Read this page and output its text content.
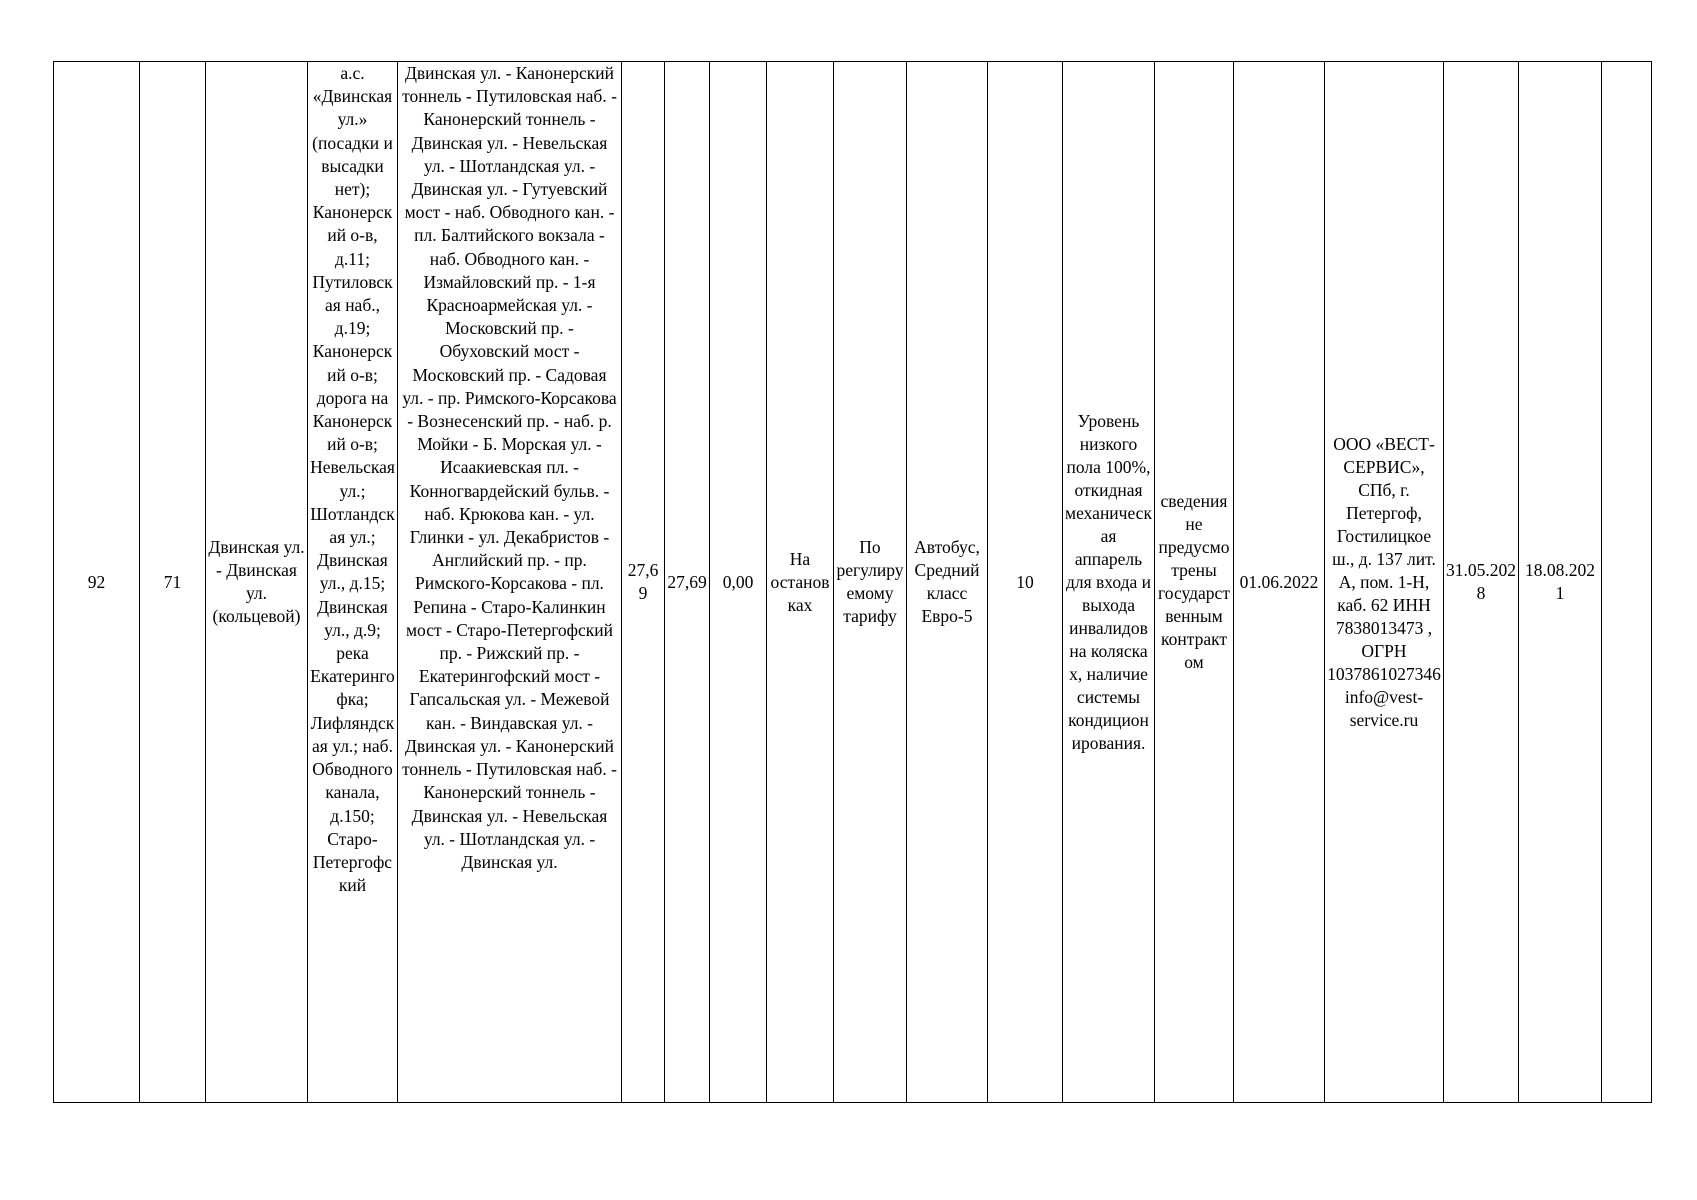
92	71	Двинская ул. - Двинская ул. (кольцевой)	а.с. «Двинская ул.» (посадки и высадки нет); Канонерский о-в, д.11; Путиловская наб., д.19; Канонерский о-в; дорога на Канонерский о-в; Невельская ул.; Шотландская ул.; Двинская ул., д.15; Двинская ул., д.9; река Екатерингофка; Лифляндская ул.; наб. Обводного канала, д.150; Старо-Петергофский	Двинская ул. - Канонерский тоннель - Путиловская наб. - Канонерский тоннель - Двинская ул. - Невельская ул. - Шотландская ул. - Двинская ул. - Гутуевский мост - наб. Обводного кан. - пл. Балтийского вокзала - наб. Обводного кан. - Измайловский пр. - 1-я Красноармейская ул. - Московский пр. - Обуховский мост - Московский пр. - Садовая ул. - пр. Римского-Корсакова - Вознесенский пр. - наб. р. Мойки - Б. Морская ул. - Исаакиевская пл. - Конногвардейский бульв. - наб. Крюкова кан. - ул. Глинки - ул. Декабристов - Английский пр. - пр. Римского-Корсакова - пл. Репина - Старо-Калинкин мост - Старо-Петергофский пр. - Рижский пр. - Екатерингофский мост - Гапсальская ул. - Межевой кан. - Виндавская ул. - Двинская ул. - Канонерский тоннель - Путиловская наб. - Канонерский тоннель - Двинская ул. - Невельская ул. - Шотландская ул. - Двинская ул.	27,69	27,69	0,00	На остановках	По регулируемому тарифу	Автобус, Средний класс Евро-5	10	Уровень низкого пола 100%, откидная механическая аппарель для входа и выхода инвалидов на коляска х, наличие системы кондиционирования.	сведения не предусмотрены государственным контрактом	01.06.2022	ООО «ВЕСТ-СЕРВИС», СПб, г. Петергоф, Гостилицкое ш., д. 137 лит. А, пом. 1-Н, каб. 62 ИНН 7838013473 , ОГРН 1037861027346 info@vest-service.ru	31.05.2028	18.08.2021	
